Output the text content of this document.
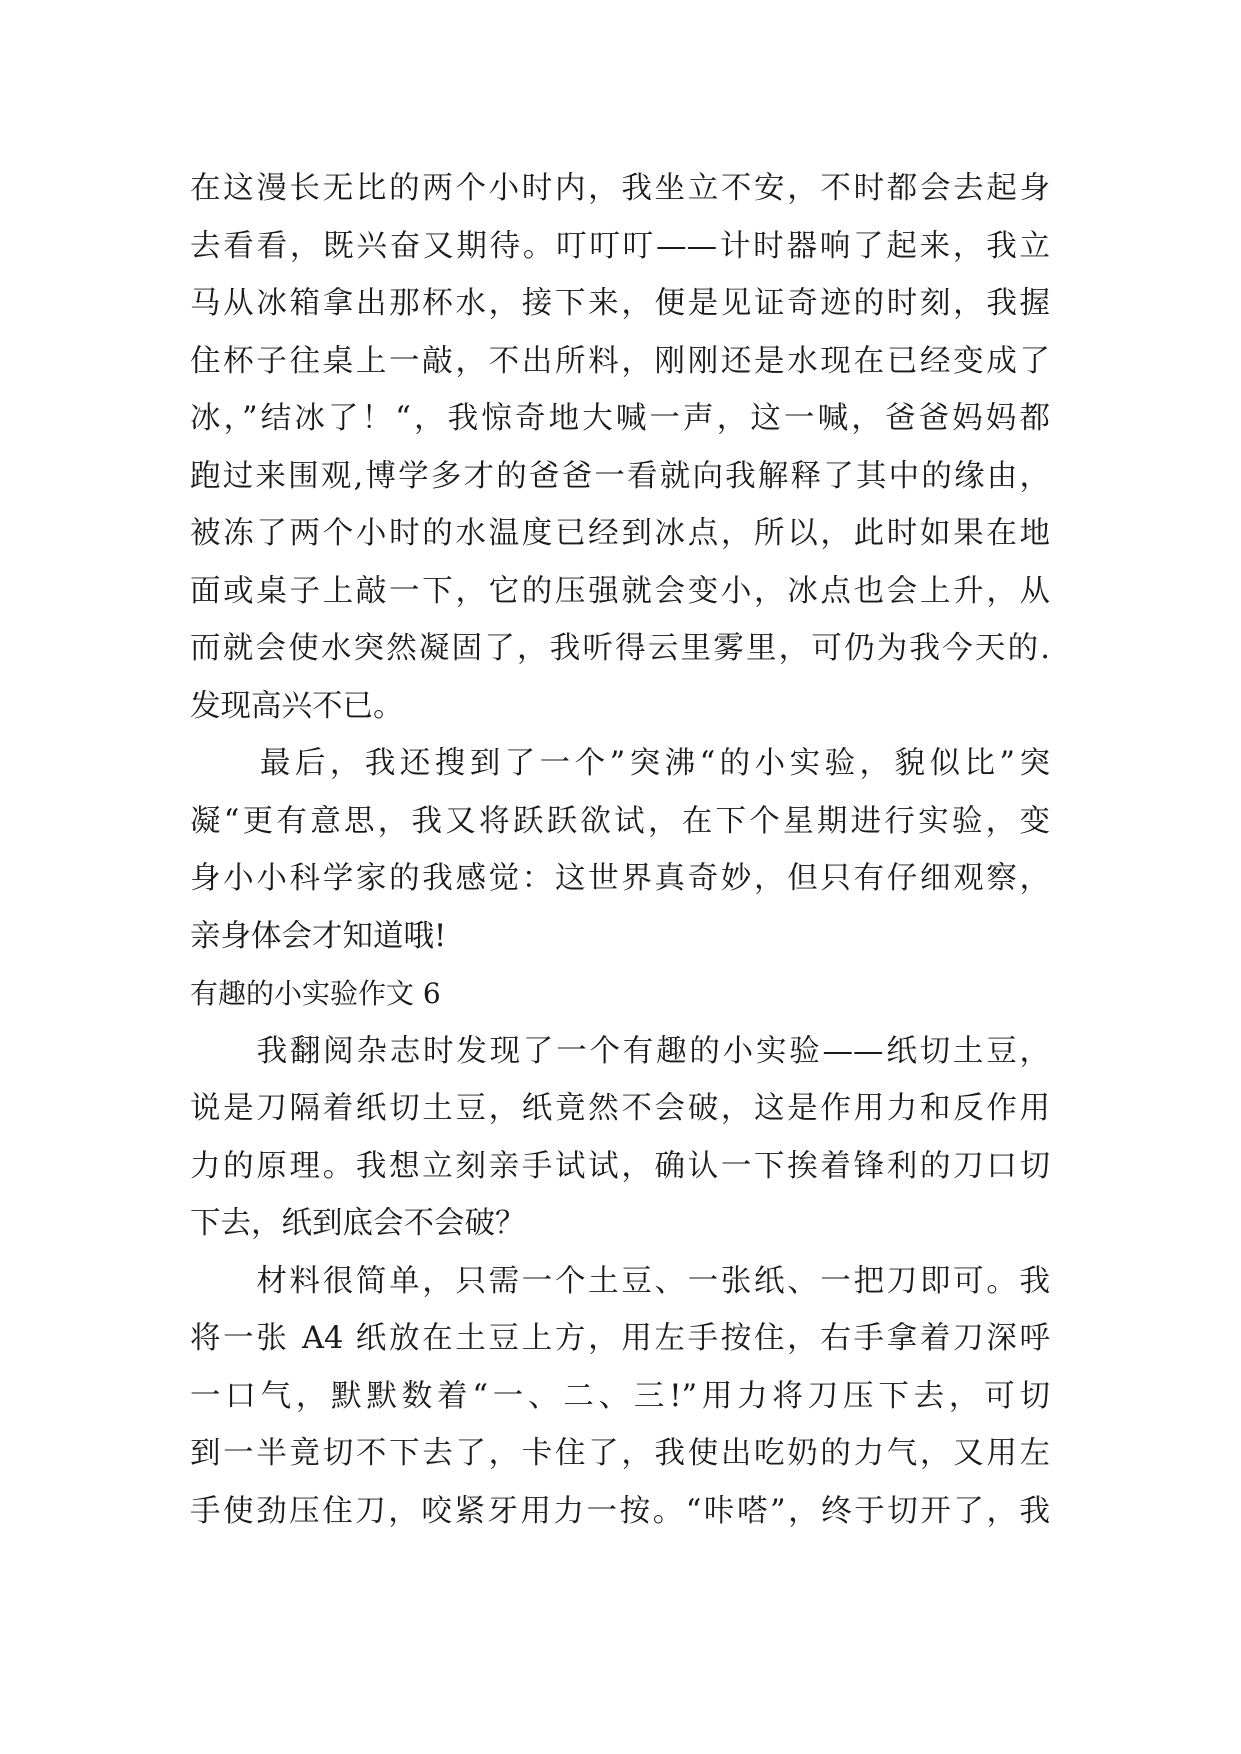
在这漫长无比的两个小时内，我坐立不安，不时都会去起身
去看看，既兴奋又期待。叮叮叮——计时器响了起来，我立
马从冰箱拿出那杯水，接下来，便是见证奇迹的时刻，我握
住杯子往桌上一敲，不出所料，刚刚还是水现在已经变成了
冰，”结冰了！“，我惊奇地大喊一声，这一喊，爸爸妈妈都
跑过来围观,博学多才的爸爸一看就向我解释了其中的缘由，
被冻了两个小时的水温度已经到冰点，所以，此时如果在地
面或桌子上敲一下，它的压强就会变小，冰点也会上升，从
而就会使水突然凝固了，我听得云里雾里，可仍为我今天的.
发现高兴不已。
　　最后，我还搜到了一个”突沸“的小实验，貌似比”突
凝“更有意思，我又将跃跃欲试，在下个星期进行实验，变
身小小科学家的我感觉：这世界真奇妙，但只有仔细观察，
亲身体会才知道哦!
有趣的小实验作文 6
　　我翻阅杂志时发现了一个有趣的小实验——纸切土豆，
说是刀隔着纸切土豆，纸竟然不会破，这是作用力和反作用
力的原理。我想立刻亲手试试，确认一下挨着锋利的刀口切
下去，纸到底会不会破？
　　材料很简单，只需一个土豆、一张纸、一把刀即可。我
将一张 A4 纸放在土豆上方，用左手按住，右手拿着刀深呼
一口气，默默数着“一、二、三!”用力将刀压下去，可切
到一半竟切不下去了，卡住了，我使出吃奶的力气，又用左
手使劲压住刀，咬紧牙用力一按。“咔嗒”，终于切开了，我
